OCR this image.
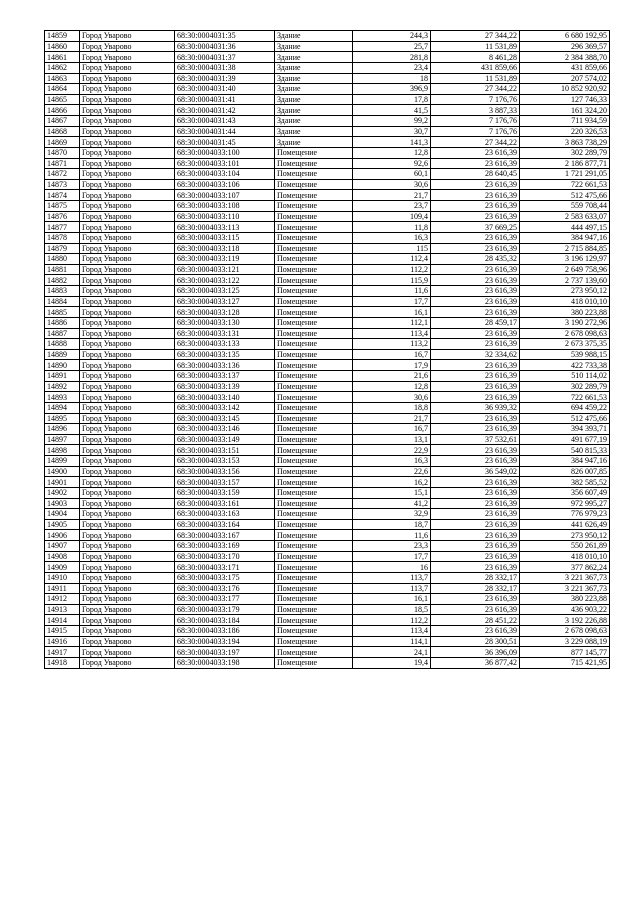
14859	Город Уварово	68:30:0004031:35	Здание	244,3	27 344,22	6 680 192,95
14860	Город Уварово	68:30:0004031:36	Здание	25,7	11 531,89	296 369,57
14861	Город Уварово	68:30:0004031:37	Здание	281,8	8 461,28	2 384 388,70
14862	Город Уварово	68:30:0004031:38	Здание	23,4	431 859,66	431 859,66
14863	Город Уварово	68:30:0004031:39	Здание	18	11 531,89	207 574,02
14864	Город Уварово	68:30:0004031:40	Здание	396,9	27 344,22	10 852 920,92
14865	Город Уварово	68:30:0004031:41	Здание	17,8	7 176,76	127 746,33
14866	Город Уварово	68:30:0004031:42	Здание	41,5	3 887,33	161 324,20
14867	Город Уварово	68:30:0004031:43	Здание	99,2	7 176,76	711 934,59
14868	Город Уварово	68:30:0004031:44	Здание	30,7	7 176,76	220 326,53
14869	Город Уварово	68:30:0004031:45	Здание	141,3	27 344,22	3 863 738,29
14870	Город Уварово	68:30:0004033:100	Помещение	12,8	23 616,39	302 289,79
14871	Город Уварово	68:30:0004033:101	Помещение	92,6	23 616,39	2 186 877,71
14872	Город Уварово	68:30:0004033:104	Помещение	60,1	28 640,45	1 721 291,05
14873	Город Уварово	68:30:0004033:106	Помещение	30,6	23 616,39	722 661,53
14874	Город Уварово	68:30:0004033:107	Помещение	21,7	23 616,39	512 475,66
14875	Город Уварово	68:30:0004033:108	Помещение	23,7	23 616,39	559 708,44
14876	Город Уварово	68:30:0004033:110	Помещение	109,4	23 616,39	2 583 633,07
14877	Город Уварово	68:30:0004033:113	Помещение	11,8	37 669,25	444 497,15
14878	Город Уварово	68:30:0004033:115	Помещение	16,3	23 616,39	384 947,16
14879	Город Уварово	68:30:0004033:118	Помещение	115	23 616,39	2 715 884,85
14880	Город Уварово	68:30:0004033:119	Помещение	112,4	28 435,32	3 196 129,97
14881	Город Уварово	68:30:0004033:121	Помещение	112,2	23 616,39	2 649 758,96
14882	Город Уварово	68:30:0004033:122	Помещение	115,9	23 616,39	2 737 139,60
14883	Город Уварово	68:30:0004033:125	Помещение	11,6	23 616,39	273 950,12
14884	Город Уварово	68:30:0004033:127	Помещение	17,7	23 616,39	418 010,10
14885	Город Уварово	68:30:0004033:128	Помещение	16,1	23 616,39	380 223,88
14886	Город Уварово	68:30:0004033:130	Помещение	112,1	28 459,17	3 190 272,96
14887	Город Уварово	68:30:0004033:131	Помещение	113,4	23 616,39	2 678 098,63
14888	Город Уварово	68:30:0004033:133	Помещение	113,2	23 616,39	2 673 375,35
14889	Город Уварово	68:30:0004033:135	Помещение	16,7	32 334,62	539 988,15
14890	Город Уварово	68:30:0004033:136	Помещение	17,9	23 616,39	422 733,38
14891	Город Уварово	68:30:0004033:137	Помещение	21,6	23 616,39	510 114,02
14892	Город Уварово	68:30:0004033:139	Помещение	12,8	23 616,39	302 289,79
14893	Город Уварово	68:30:0004033:140	Помещение	30,6	23 616,39	722 661,53
14894	Город Уварово	68:30:0004033:142	Помещение	18,8	36 939,32	694 459,22
14895	Город Уварово	68:30:0004033:145	Помещение	21,7	23 616,39	512 475,66
14896	Город Уварово	68:30:0004033:146	Помещение	16,7	23 616,39	394 393,71
14897	Город Уварово	68:30:0004033:149	Помещение	13,1	37 532,61	491 677,19
14898	Город Уварово	68:30:0004033:151	Помещение	22,9	23 616,39	540 815,33
14899	Город Уварово	68:30:0004033:153	Помещение	16,3	23 616,39	384 947,16
14900	Город Уварово	68:30:0004033:156	Помещение	22,6	36 549,02	826 007,85
14901	Город Уварово	68:30:0004033:157	Помещение	16,2	23 616,39	382 585,52
14902	Город Уварово	68:30:0004033:159	Помещение	15,1	23 616,39	356 607,49
14903	Город Уварово	68:30:0004033:161	Помещение	41,2	23 616,39	972 995,27
14904	Город Уварово	68:30:0004033:163	Помещение	32,9	23 616,39	776 979,23
14905	Город Уварово	68:30:0004033:164	Помещение	18,7	23 616,39	441 626,49
14906	Город Уварово	68:30:0004033:167	Помещение	11,6	23 616,39	273 950,12
14907	Город Уварово	68:30:0004033:169	Помещение	23,3	23 616,39	550 261,89
14908	Город Уварово	68:30:0004033:170	Помещение	17,7	23 616,39	418 010,10
14909	Город Уварово	68:30:0004033:171	Помещение	16	23 616,39	377 862,24
14910	Город Уварово	68:30:0004033:175	Помещение	113,7	28 332,17	3 221 367,73
14911	Город Уварово	68:30:0004033:176	Помещение	113,7	28 332,17	3 221 367,73
14912	Город Уварово	68:30:0004033:177	Помещение	16,1	23 616,39	380 223,88
14913	Город Уварово	68:30:0004033:179	Помещение	18,5	23 616,39	436 903,22
14914	Город Уварово	68:30:0004033:184	Помещение	112,2	28 451,22	3 192 226,88
14915	Город Уварово	68:30:0004033:186	Помещение	113,4	23 616,39	2 678 098,63
14916	Город Уварово	68:30:0004033:194	Помещение	114,1	28 300,51	3 229 088,19
14917	Город Уварово	68:30:0004033:197	Помещение	24,1	36 396,09	877 145,77
14918	Город Уварово	68:30:0004033:198	Помещение	19,4	36 877,42	715 421,95
